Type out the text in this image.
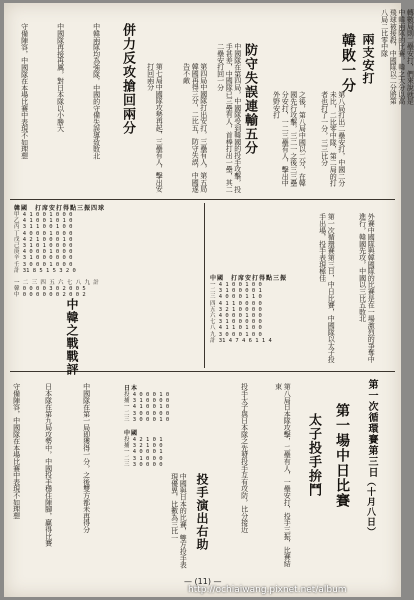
韓敗一分 兩支安打	轉數局則二壘安打，們來說就是中韓兩隊的比賽，韓之大分以高飛球被接殺，中國隊以二分將第八局二比零中隊
第八局打出二壘安打，中國二分未比，二比零中隊，第二局的打者也打了一分，三三比分
之後，第八局中國以二分，在韓國先行攻擊，三二一之後三三壘分安打，一二三壘有人，擊出中外野安打
防守失誤連輸五分
中國隊在第四局，中國隊受到韓國的投手攻擊，投手甚差，中國隊已三壘有人，首棒打出一壘，其二二壘安打回一分
第四局中國隊打出安打，三壘有人，第五局韓國再得三分，二比五，防守失誤，中國遂告不敵
第七局中國隊攻勢再起，三壘有人，擊出安打回兩分
併力反攻搶回兩分
中韓兩隊均為強隊，中國的守備失誤導致敗北
中國隊再接再厲，對日本隊以小勝大
守備陣容，中國隊在本場比賽中表現不如理想
外賽中國隊與韓國隊的比賽是在一場激烈的爭奪中進行，韓國先攻，中國以三比五敗北
第一次循環賽第三日，中日比賽，中國隊以太子投手出場，投手表現極佳
韓國　打席安打得點三振四球
甲 4 1 0 0 1 0 0 0
乙 4 1 0 0 1 0 1 0
丙 3 1 1 0 0 1 0 0
丁 4 0 0 0 1 0 0 0
戊 4 2 1 0 0 0 1 0
己 3 1 0 1 0 0 0 0
庚 4 0 0 0 1 0 0 0
辛 3 1 0 0 0 0 0 0
壬 3 0 0 0 1 0 0 0
計 31 8 5 1 5 3 2 0
一 二 三 四 五 六 七 八 九 計
韓 0 0 0 0 3 0 2 0 0 5
中 0 0 0 0 0 0 2 0 0 2
中國　打席安打得點三振
一 4 1 0 0 1 0 0
二 3 1 0 0 0 0 1
三 4 0 0 0 1 1 0
四 4 1 1 0 0 0 0
五 3 2 1 0 0 0 0
六 4 0 0 0 1 0 0
七 3 1 0 0 0 0 0
八 4 1 1 0 1 0 0
九 3 0 0 0 1 0 0
計 31 4 7 4 6 1 1 4
中韓之戰戰評
第一次循環賽第三日
（十月八日）
第一場中日比賽
太子投手拚鬥
第八局日本隊攻擊，二壘有人，一壘安打，投手三振，比賽結束
投手太子與日本隊之先發投手互有攻防，比分接近
投手演出右助
中國與日本的比賽，雙方投手表現優異，比數為三比一
日本
投 4 0 0 0 1 0
捕 3 1 0 0 0 0
一 4 1 0 0 1 0
二 3 0 0 0 0 0
三 3 0 0 0 1 0
中國
投 4 2 1 0 1
捕 3 2 1 0 0
一 4 0 0 0 1
二 3 1 0 0 0
三 3 0 0 0 0
中國隊在第一局即獲得一分，之後雙方都未再得分
日本隊在第九局攻勢中，中國投手穩住陣腳，贏得比賽
守備陣容，中國隊在本場比賽中表現不如理想
— (11) —
http://ochiaiwang.pixnet.net/album
